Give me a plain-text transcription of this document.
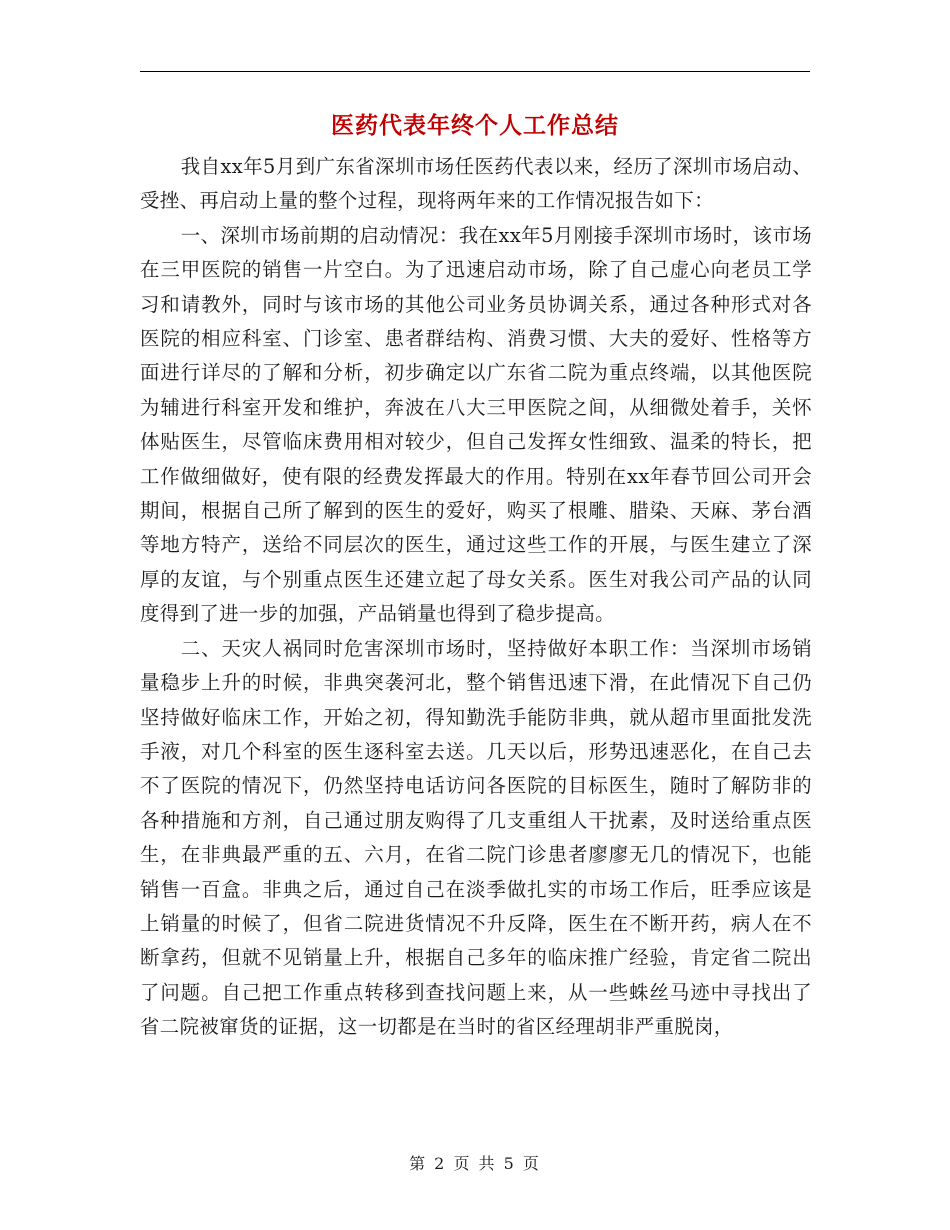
医药代表年终个人工作总结

我自xx年5月到广东省深圳市场任医药代表以来，经历了深圳市场启动、受挫、再启动上量的整个过程，现将两年来的工作情况报告如下：

一、深圳市场前期的启动情况：我在xx年5月刚接手深圳市场时，该市场在三甲医院的销售一片空白。为了迅速启动市场，除了自己虚心向老员工学习和请教外，同时与该市场的其他公司业务员协调关系，通过各种形式对各医院的相应科室、门诊室、患者群结构、消费习惯、大夫的爱好、性格等方面进行详尽的了解和分析，初步确定以广东省二院为重点终端，以其他医院为辅进行科室开发和维护，奔波在八大三甲医院之间，从细微处着手，关怀体贴医生，尽管临床费用相对较少，但自己发挥女性细致、温柔的特长，把工作做细做好，使有限的经费发挥最大的作用。特别在xx年春节回公司开会期间，根据自己所了解到的医生的爱好，购买了根雕、腊染、天麻、茅台酒等地方特产，送给不同层次的医生，通过这些工作的开展，与医生建立了深厚的友谊，与个别重点医生还建立起了母女关系。医生对我公司产品的认同度得到了进一步的加强，产品销量也得到了稳步提高。

二、天灾人祸同时危害深圳市场时，坚持做好本职工作：当深圳市场销量稳步上升的时候，非典突袭河北，整个销售迅速下滑，在此情况下自己仍坚持做好临床工作，开始之初，得知勤洗手能防非典，就从超市里面批发洗手液，对几个科室的医生逐科室去送。几天以后，形势迅速恶化，在自己去不了医院的情况下，仍然坚持电话访问各医院的目标医生，随时了解防非的各种措施和方剂，自己通过朋友购得了几支重组人干扰素，及时送给重点医生，在非典最严重的五、六月，在省二院门诊患者廖廖无几的情况下，也能销售一百盒。非典之后，通过自己在淡季做扎实的市场工作后，旺季应该是上销量的时候了，但省二院进货情况不升反降，医生在不断开药，病人在不断拿药，但就不见销量上升，根据自己多年的临床推广经验，肯定省二院出了问题。自己把工作重点转移到查找问题上来，从一些蛛丝马迹中寻找出了省二院被窜货的证据，这一切都是在当时的省区经理胡非严重脱岗，

第 2 页 共 5 页
